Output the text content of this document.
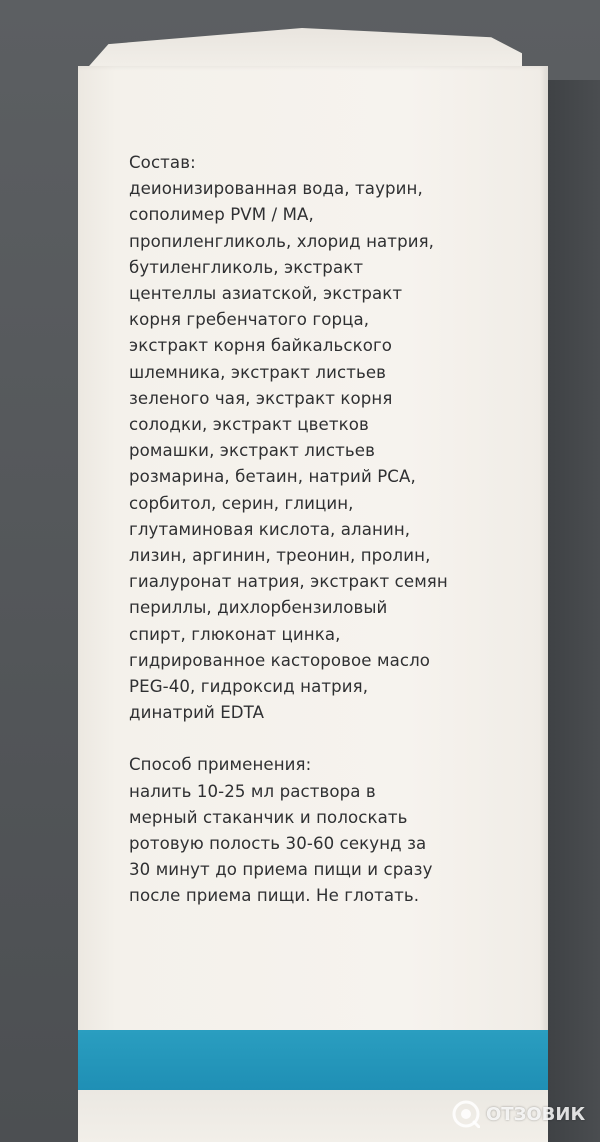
Состав:
деионизированная вода, таурин,
сополимер PVM / MA,
пропиленгликоль, хлорид натрия,
бутиленгликоль, экстракт
центеллы азиатской, экстракт
корня гребенчатого горца,
экстракт корня байкальского
шлемника, экстракт листьев
зеленого чая, экстракт корня
солодки, экстракт цветков
ромашки, экстракт листьев
розмарина, бетаин, натрий PCA,
сорбитол, серин, глицин,
глутаминовая кислота, аланин,
лизин, аргинин, треонин, пролин,
гиалуронат натрия, экстракт семян
периллы, дихлорбензиловый
спирт, глюконат цинка,
гидрированное касторовое масло
PEG-40, гидроксид натрия,
динатрий EDTA
Способ применения:
налить 10-25 мл раствора в
мерный стаканчик и полоскать
ротовую полость 30-60 секунд за
30 минут до приема пищи и сразу
после приема пищи. Не глотать.
ОТЗОВИК
